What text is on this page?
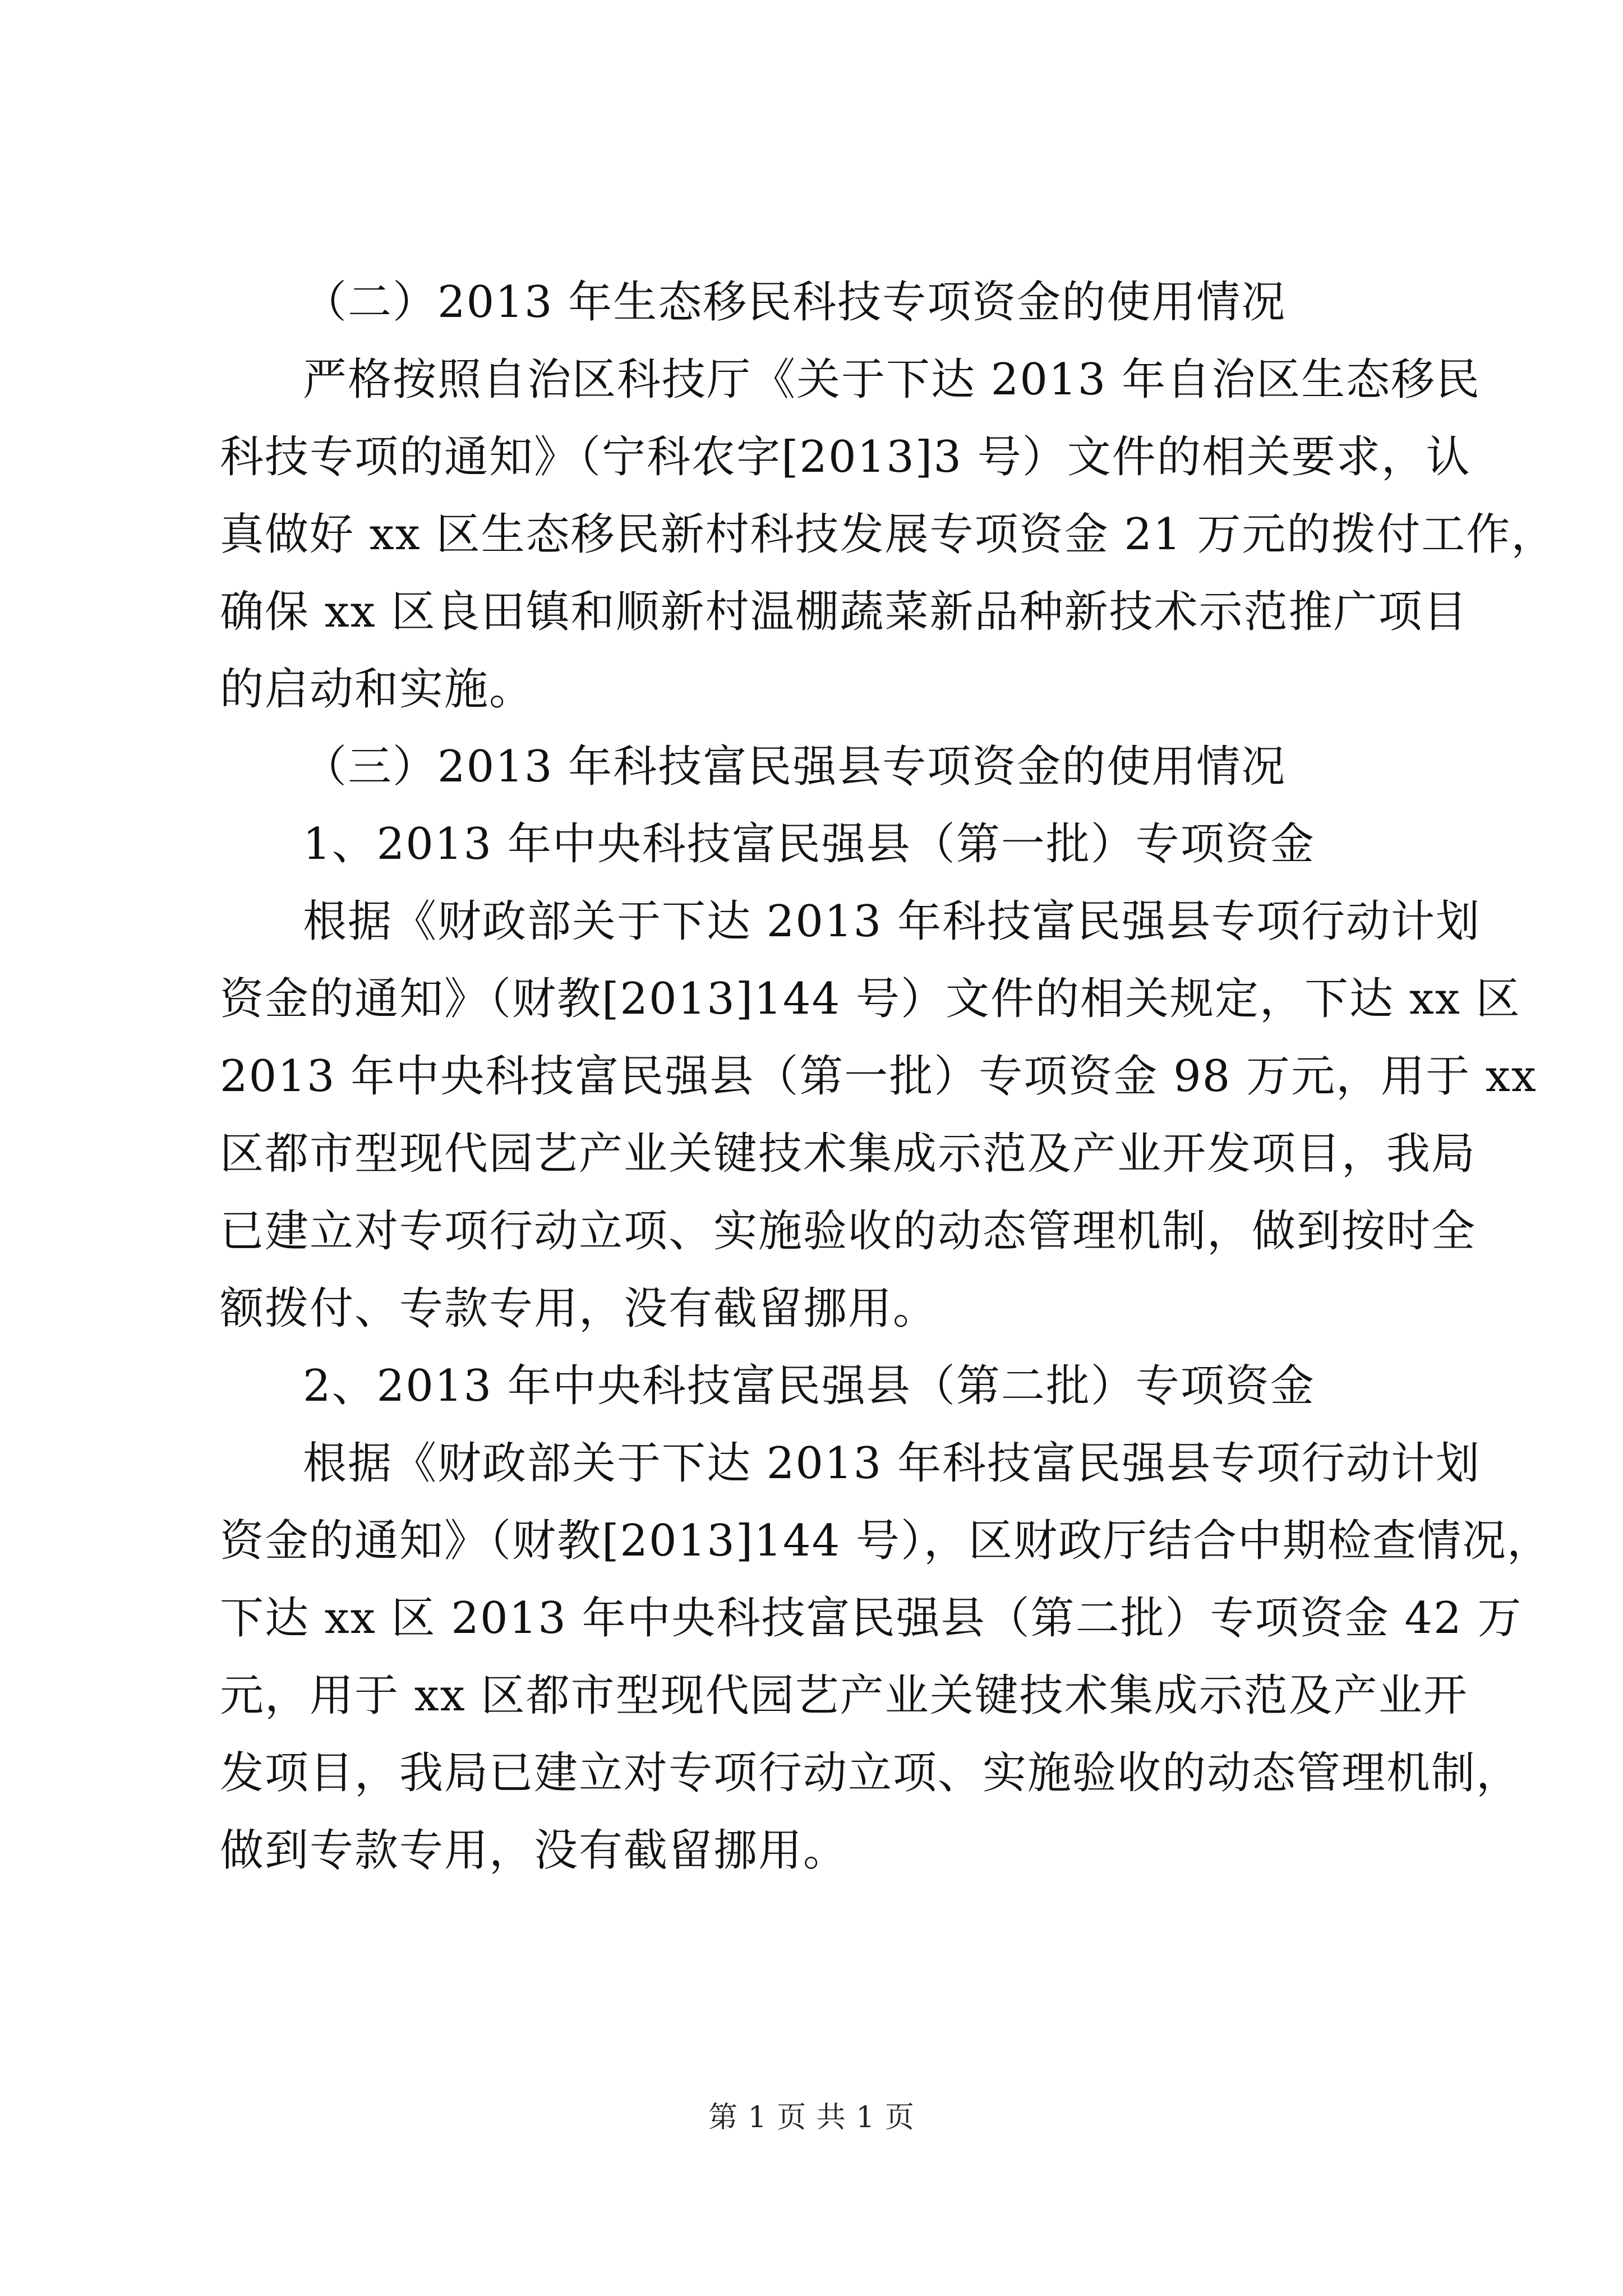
（二）2013 年生态移民科技专项资金的使用情况
严格按照自治区科技厅《关于下达 2013 年自治区生态移民
科技专项的通知》（宁科农字[2013]3 号）文件的相关要求，认
真做好 xx 区生态移民新村科技发展专项资金 21 万元的拨付工作，
确保 xx 区良田镇和顺新村温棚蔬菜新品种新技术示范推广项目
的启动和实施。
（三）2013 年科技富民强县专项资金的使用情况
1、2013 年中央科技富民强县（第一批）专项资金
根据《财政部关于下达 2013 年科技富民强县专项行动计划
资金的通知》（财教[2013]144 号）文件的相关规定，下达 xx 区
2013 年中央科技富民强县（第一批）专项资金 98 万元，用于 xx
区都市型现代园艺产业关键技术集成示范及产业开发项目，我局
已建立对专项行动立项、实施验收的动态管理机制，做到按时全
额拨付、专款专用，没有截留挪用。
2、2013 年中央科技富民强县（第二批）专项资金
根据《财政部关于下达 2013 年科技富民强县专项行动计划
资金的通知》（财教[2013]144 号），区财政厅结合中期检查情况，
下达 xx 区 2013 年中央科技富民强县（第二批）专项资金 42 万
元，用于 xx 区都市型现代园艺产业关键技术集成示范及产业开
发项目，我局已建立对专项行动立项、实施验收的动态管理机制，
做到专款专用，没有截留挪用。
第 1 页 共 1 页
